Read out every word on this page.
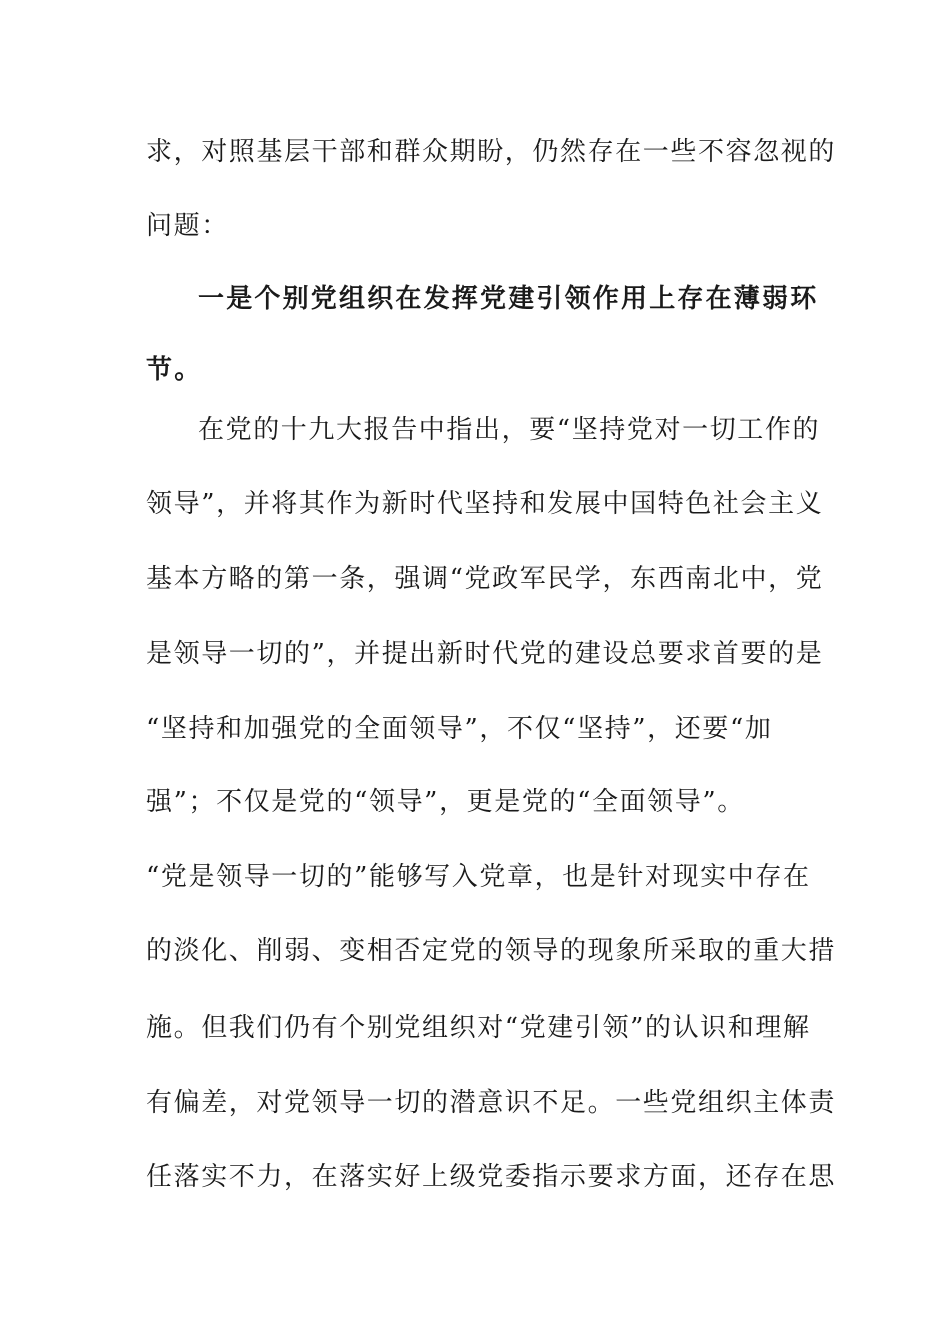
求，对照基层干部和群众期盼，仍然存在一些不容忽视的
问题：
一是个别党组织在发挥党建引领作用上存在薄弱环
节。
在党的十九大报告中指出，要“坚持党对一切工作的
领导”，并将其作为新时代坚持和发展中国特色社会主义
基本方略的第一条，强调“党政军民学，东西南北中，党
是领导一切的”，并提出新时代党的建设总要求首要的是
“坚持和加强党的全面领导”，不仅“坚持”，还要“加
强”；不仅是党的“领导”，更是党的“全面领导”。
“党是领导一切的”能够写入党章，也是针对现实中存在
的淡化、削弱、变相否定党的领导的现象所采取的重大措
施。但我们仍有个别党组织对“党建引领”的认识和理解
有偏差，对党领导一切的潜意识不足。一些党组织主体责
任落实不力，在落实好上级党委指示要求方面，还存在思
